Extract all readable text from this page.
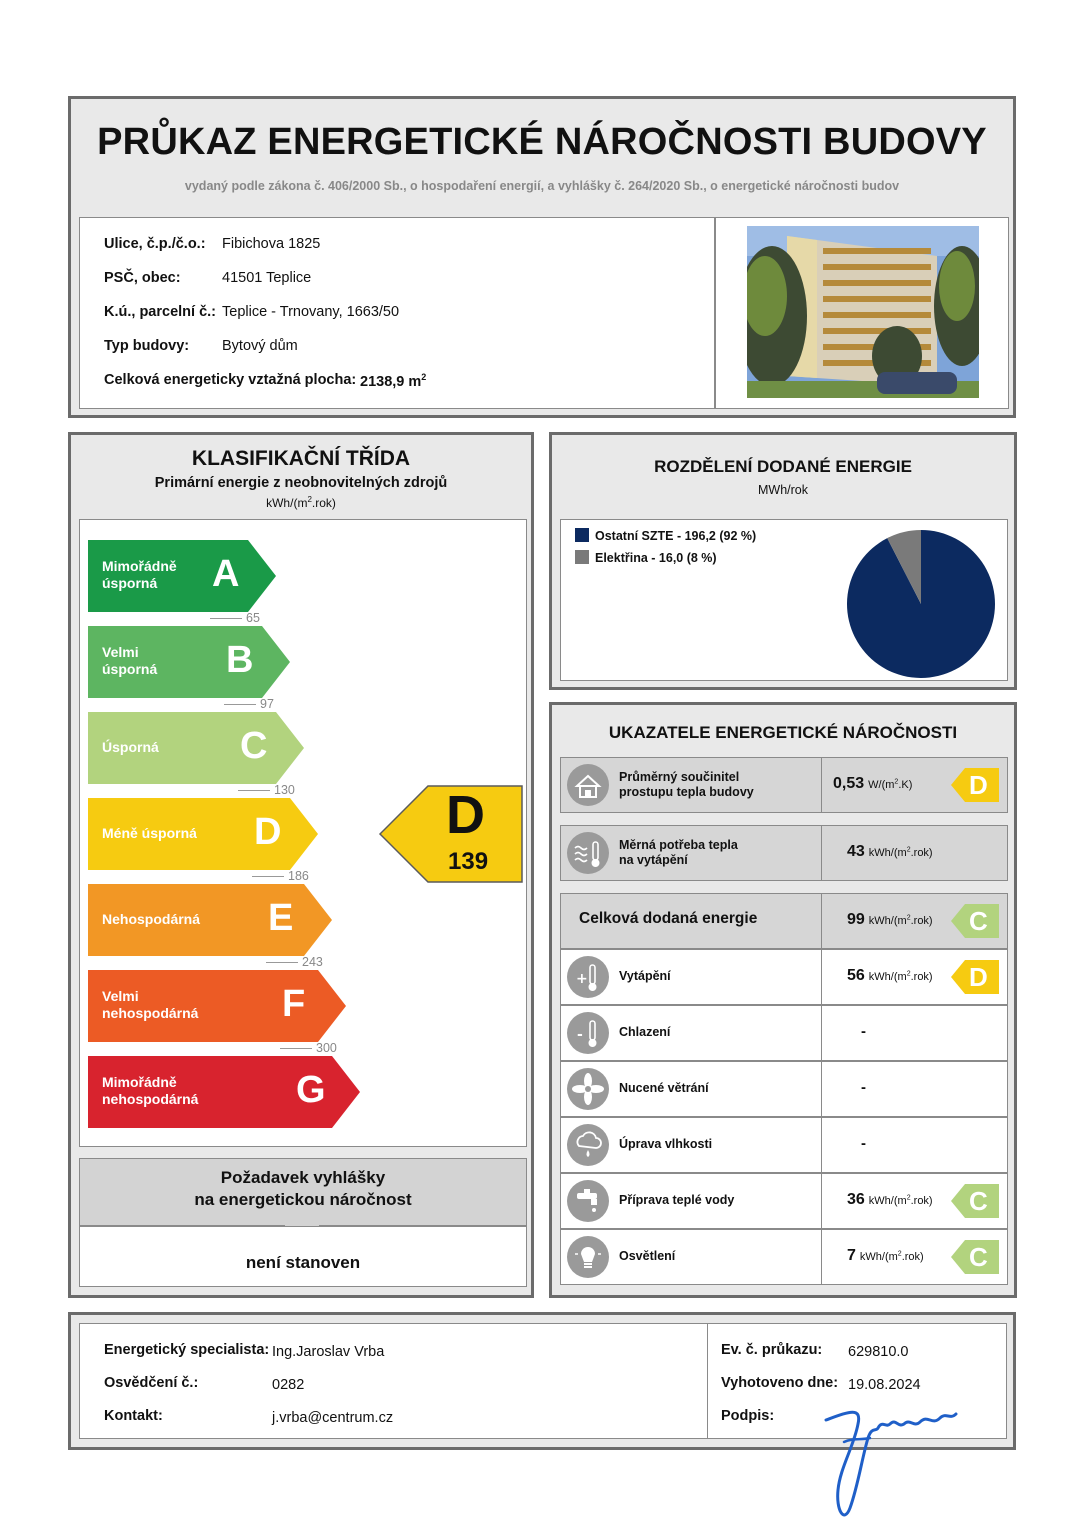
PRŮKAZ ENERGETICKÉ NÁROČNOSTI BUDOVY
vydaný podle zákona č. 406/2000 Sb., o hospodaření energií, a vyhlášky č. 264/2020 Sb., o energetické náročnosti budov
Ulice, č.p./č.o.: Fibichova 1825
PSČ, obec:	41501 Teplice
K.ú., parcelní č.: Teplice - Trnovany, 1663/50
Typ budovy: Bytový dům
Celková energeticky vztažná plocha: 2138,9 $m^2$
KLASIFIKAČNÍ TŘÍDA
Primární energie z neobnovitelných zdrojů
kWh/$(m^2.rok)$
Mimořádně
úsporná	A
65
Velmi
úsporná B
97
Úsporná C
130
Méně úsporná D
186
Nehospodárná E
243
Velmi
nehospodárná F
300
Mimořádně
nehospodárná	G
D
139
Požadavek vyhlášky
na energetickou náročnost
není stanoven
ROZDĚLENÍ DODANÉ ENERGIE
MWh/rok
Ostatní SZTE - 196,2 (92 %)
Elektřina - 16,0 (8 %)
UKAZATELE ENERGETICKÉ NÁROČNOSTI
Průměrný součinitel
prostupu tepla budovy	0,53 $W/(m^2.K)$ D
Měrná potřeba tepla
na vytápění	43 kWh/$(m^2.rok)$
Celková dodaná energie	99 kWh/$(m^2.rok)$ C
+	Vytápění	56 kWh/$(m^2.rok)$ D
-	Chlazení	-
Nucené větrání	-
Úprava vlhkosti	-
Příprava teplé vody	36 kWh/$(m^2.rok)$ C
Osvětlení	7 kWh/$(m^2.rok)$ C
Energetický specialista: Ing.Jaroslav Vrba
Osvědčení č.:	0282
Kontakt:	j.vrba@centrum.cz
Ev. č. průkazu: 629810.0
Vyhotoveno dne: 19.08.2024
Podpis:
